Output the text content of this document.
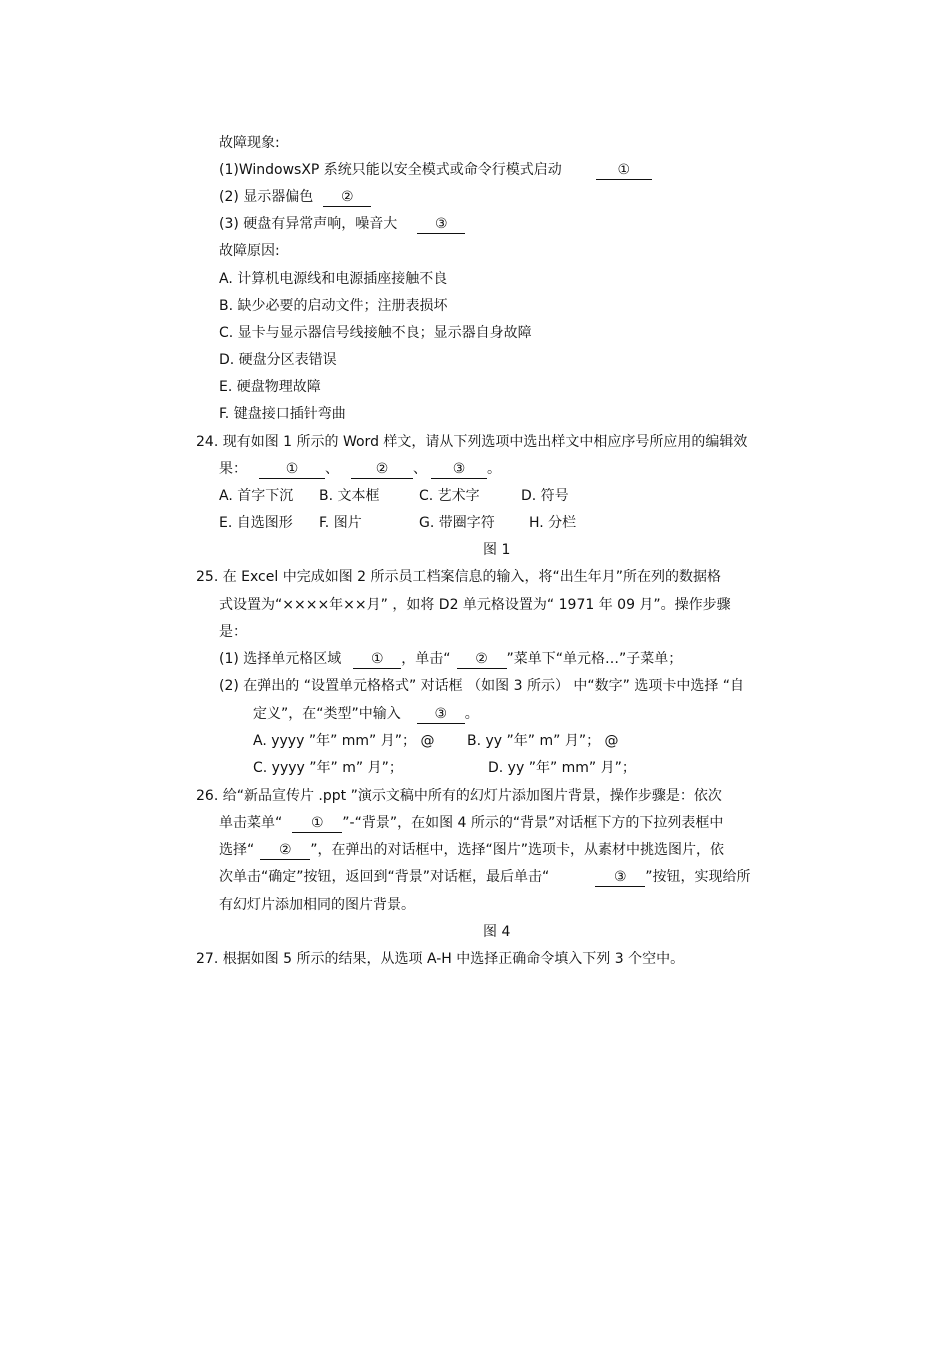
故障现象:
(1)WindowsXP 系统只能以安全模式或命令行模式启动	①
(2) 显示器偏色 ②
(3) 硬盘有异常声响，噪音大	③
故障原因:
A. 计算机电源线和电源插座接触不良
B. 缺少必要的启动文件；注册表损坏
C. 显卡与显示器信号线接触不良；显示器自身故障
D. 硬盘分区表错误
E. 硬盘物理故障
F. 键盘接口插针弯曲
24. 现有如图 1 所示的 Word 样文，请从下列选项中选出样文中相应序号所应用的编辑效
果：	① 、	② 、 ③ 。
A. 首字下沉 B. 文本框	C. 艺术字	D. 符号
E. 自选图形 F. 图片	G. 带圈字符 H. 分栏
图 1
25. 在 Excel 中完成如图 2 所示员工档案信息的输入，将“出生年月”所在列的数据格
式设置为“××××年××月” ，如将 D2 单元格设置为“ 1971 年 09 月”。操作步骤
是：
(1) 选择单元格区域 ① ，单击“ ② ”菜单下“单元格…”子菜单；
(2) 在弹出的 “设置单元格格式” 对话框 （如图 3 所示） 中“数字” 选项卡中选择 “自
定义”，在“类型”中输入 ③ 。
A. yyyy ”年” mm” 月”； @ B. yy ”年” m” 月”； @
C. yyyy ”年” m” 月”；	D. yy ”年” mm” 月”；
26. 给“新品宣传片 .ppt ”演示文稿中所有的幻灯片添加图片背景，操作步骤是：依次
单击菜单“ ① ”-“背景”，在如图 4 所示的“背景”对话框下方的下拉列表框中
选择“ ② ”，在弹出的对话框中，选择“图片”选项卡，从素材中挑选图片，依
次单击“确定”按钮，返回到“背景”对话框，最后单击“	③ ”按钮，实现给所
有幻灯片添加相同的图片背景。
图 4
27. 根据如图 5 所示的结果，从选项 A-H 中选择正确命令填入下列 3 个空中。
